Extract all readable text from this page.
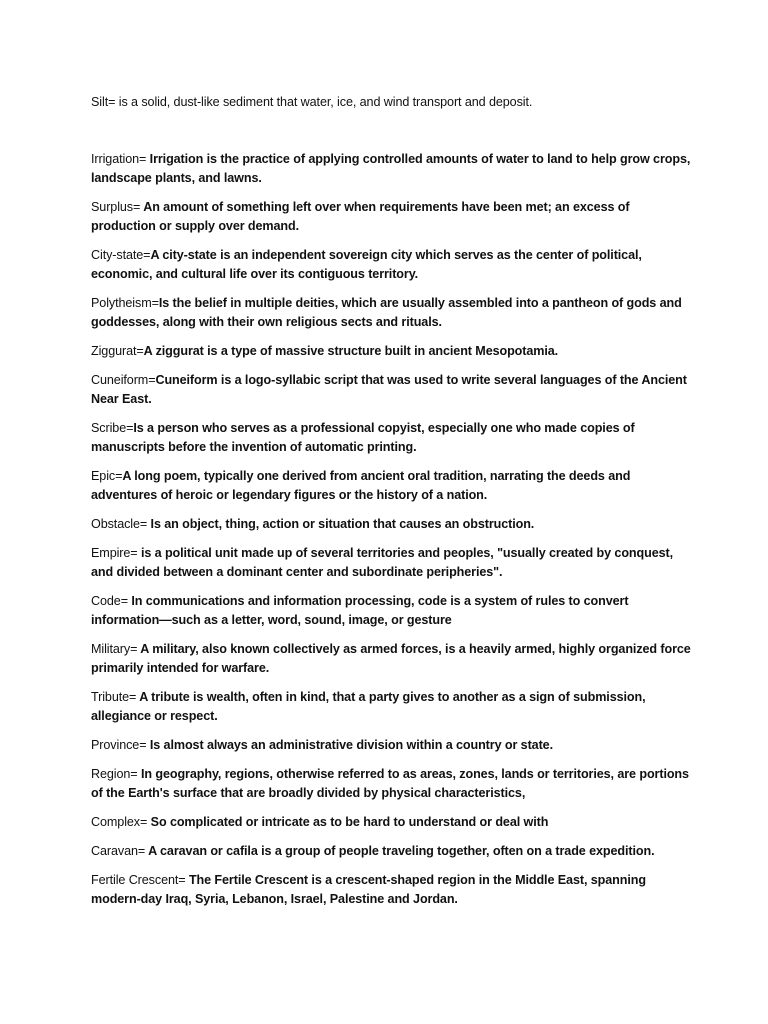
Silt= is a solid, dust-like sediment that water, ice, and wind transport and deposit.

Irrigation= Irrigation is the practice of applying controlled amounts of water to land to help grow crops, landscape plants, and lawns.

Surplus= An amount of something left over when requirements have been met; an excess of production or supply over demand.

City-state=A city-state is an independent sovereign city which serves as the center of political, economic, and cultural life over its contiguous territory.

Polytheism=Is the belief in multiple deities, which are usually assembled into a pantheon of gods and goddesses, along with their own religious sects and rituals.

Ziggurat=A ziggurat is a type of massive structure built in ancient Mesopotamia.

Cuneiform=Cuneiform is a logo-syllabic script that was used to write several languages of the Ancient Near East.

Scribe=Is a person who serves as a professional copyist, especially one who made copies of manuscripts before the invention of automatic printing.

Epic=A long poem, typically one derived from ancient oral tradition, narrating the deeds and adventures of heroic or legendary figures or the history of a nation.

Obstacle= Is an object, thing, action or situation that causes an obstruction.

Empire= is a political unit made up of several territories and peoples, "usually created by conquest, and divided between a dominant center and subordinate peripheries".

Code= In communications and information processing, code is a system of rules to convert information—such as a letter, word, sound, image, or gesture

Military= A military, also known collectively as armed forces, is a heavily armed, highly organized force primarily intended for warfare.

Tribute= A tribute is wealth, often in kind, that a party gives to another as a sign of submission, allegiance or respect.

Province= Is almost always an administrative division within a country or state.

Region= In geography, regions, otherwise referred to as areas, zones, lands or territories, are portions of the Earth's surface that are broadly divided by physical characteristics,

Complex= So complicated or intricate as to be hard to understand or deal with

Caravan= A caravan or cafila is a group of people traveling together, often on a trade expedition.

Fertile Crescent= The Fertile Crescent is a crescent-shaped region in the Middle East, spanning modern-day Iraq, Syria, Lebanon, Israel, Palestine and Jordan.
